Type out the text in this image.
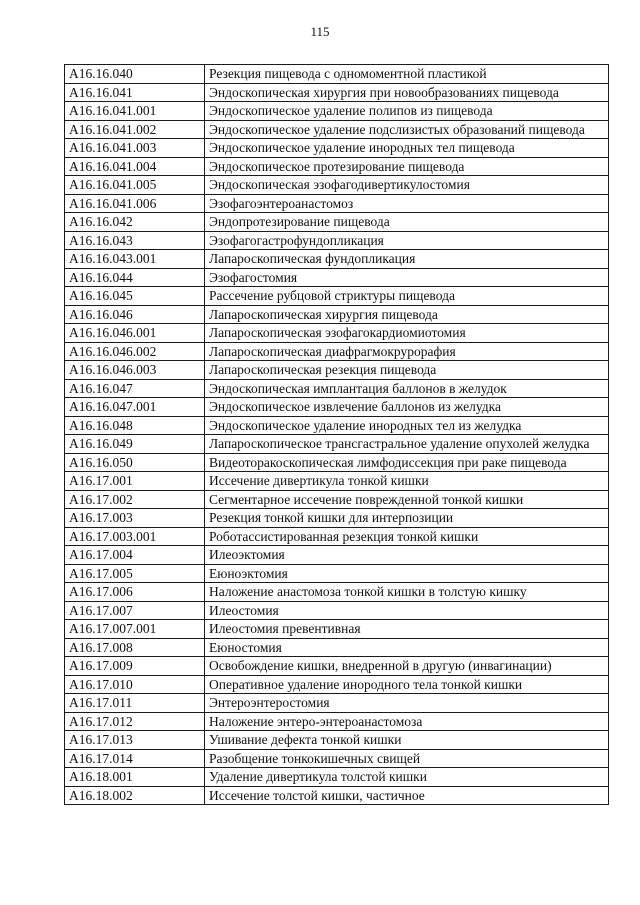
115
A16.16.040	Резекция пищевода с одномоментной пластикой
A16.16.041	Эндоскопическая хирургия при новообразованиях пищевода
A16.16.041.001	Эндоскопическое удаление полипов из пищевода
A16.16.041.002	Эндоскопическое удаление подслизистых образований пищевода
A16.16.041.003	Эндоскопическое удаление инородных тел пищевода
A16.16.041.004	Эндоскопическое протезирование пищевода
A16.16.041.005	Эндоскопическая эзофагодивертикулостомия
A16.16.041.006	Эзофагоэнтероанастомоз
A16.16.042	Эндопротезирование пищевода
A16.16.043	Эзофагогастрофундопликация
A16.16.043.001	Лапароскопическая фундопликация
A16.16.044	Эзофагостомия
A16.16.045	Рассечение рубцовой стриктуры пищевода
A16.16.046	Лапароскопическая хирургия пищевода
A16.16.046.001	Лапароскопическая эзофагокардиомиотомия
A16.16.046.002	Лапароскопическая диафрагмокрурорафия
A16.16.046.003	Лапароскопическая резекция пищевода
A16.16.047	Эндоскопическая имплантация баллонов в желудок
A16.16.047.001	Эндоскопическое извлечение баллонов из желудка
A16.16.048	Эндоскопическое удаление инородных тел из желудка
A16.16.049	Лапароскопическое трансгастральное удаление опухолей желудка
A16.16.050	Видеоторакоскопическая лимфодиссекция при раке пищевода
A16.17.001	Иссечение дивертикула тонкой кишки
A16.17.002	Сегментарное иссечение поврежденной тонкой кишки
A16.17.003	Резекция тонкой кишки для интерпозиции
A16.17.003.001	Роботассистированная резекция тонкой кишки
A16.17.004	Илеоэктомия
A16.17.005	Еюноэктомия
A16.17.006	Наложение анастомоза тонкой кишки в толстую кишку
A16.17.007	Илеостомия
A16.17.007.001	Илеостомия превентивная
A16.17.008	Еюностомия
A16.17.009	Освобождение кишки, внедренной в другую (инвагинации)
A16.17.010	Оперативное удаление инородного тела тонкой кишки
A16.17.011	Энтероэнтеростомия
A16.17.012	Наложение энтеро-энтероанастомоза
A16.17.013	Ушивание дефекта тонкой кишки
A16.17.014	Разобщение тонкокишечных свищей
A16.18.001	Удаление дивертикула толстой кишки
A16.18.002	Иссечение толстой кишки, частичное
